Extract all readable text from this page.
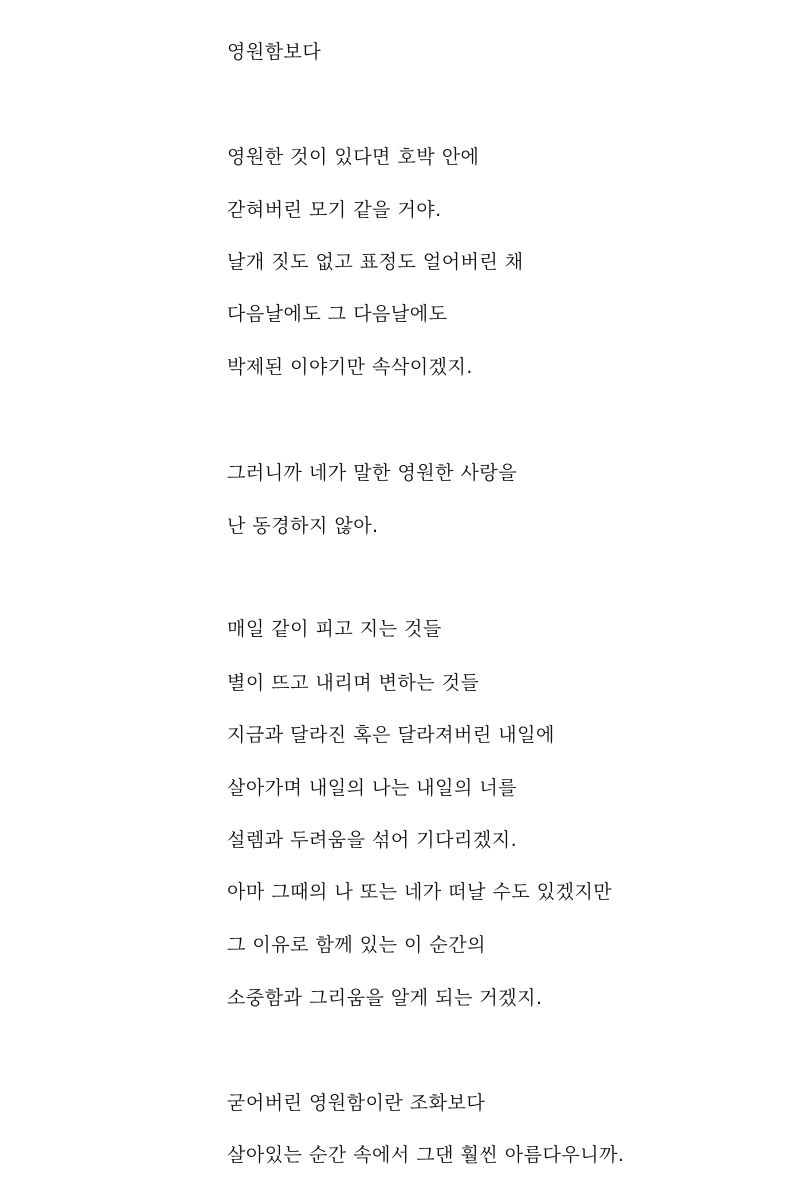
영원함보다
영원한 것이 있다면 호박 안에
갇혀버린 모기 같을 거야.
날개 짓도 없고 표정도 얼어버린 채
다음날에도 그 다음날에도
박제된 이야기만 속삭이겠지.
그러니까 네가 말한 영원한 사랑을
난 동경하지 않아.
매일 같이 피고 지는 것들
별이 뜨고 내리며 변하는 것들
지금과 달라진 혹은 달라져버린 내일에
살아가며 내일의 나는 내일의 너를
설렘과 두려움을 섞어 기다리겠지.
아마 그때의 나 또는 네가 떠날 수도 있겠지만
그 이유로 함께 있는 이 순간의
소중함과 그리움을 알게 되는 거겠지.
굳어버린 영원함이란 조화보다
살아있는 순간 속에서 그댄 훨씬 아름다우니까.
